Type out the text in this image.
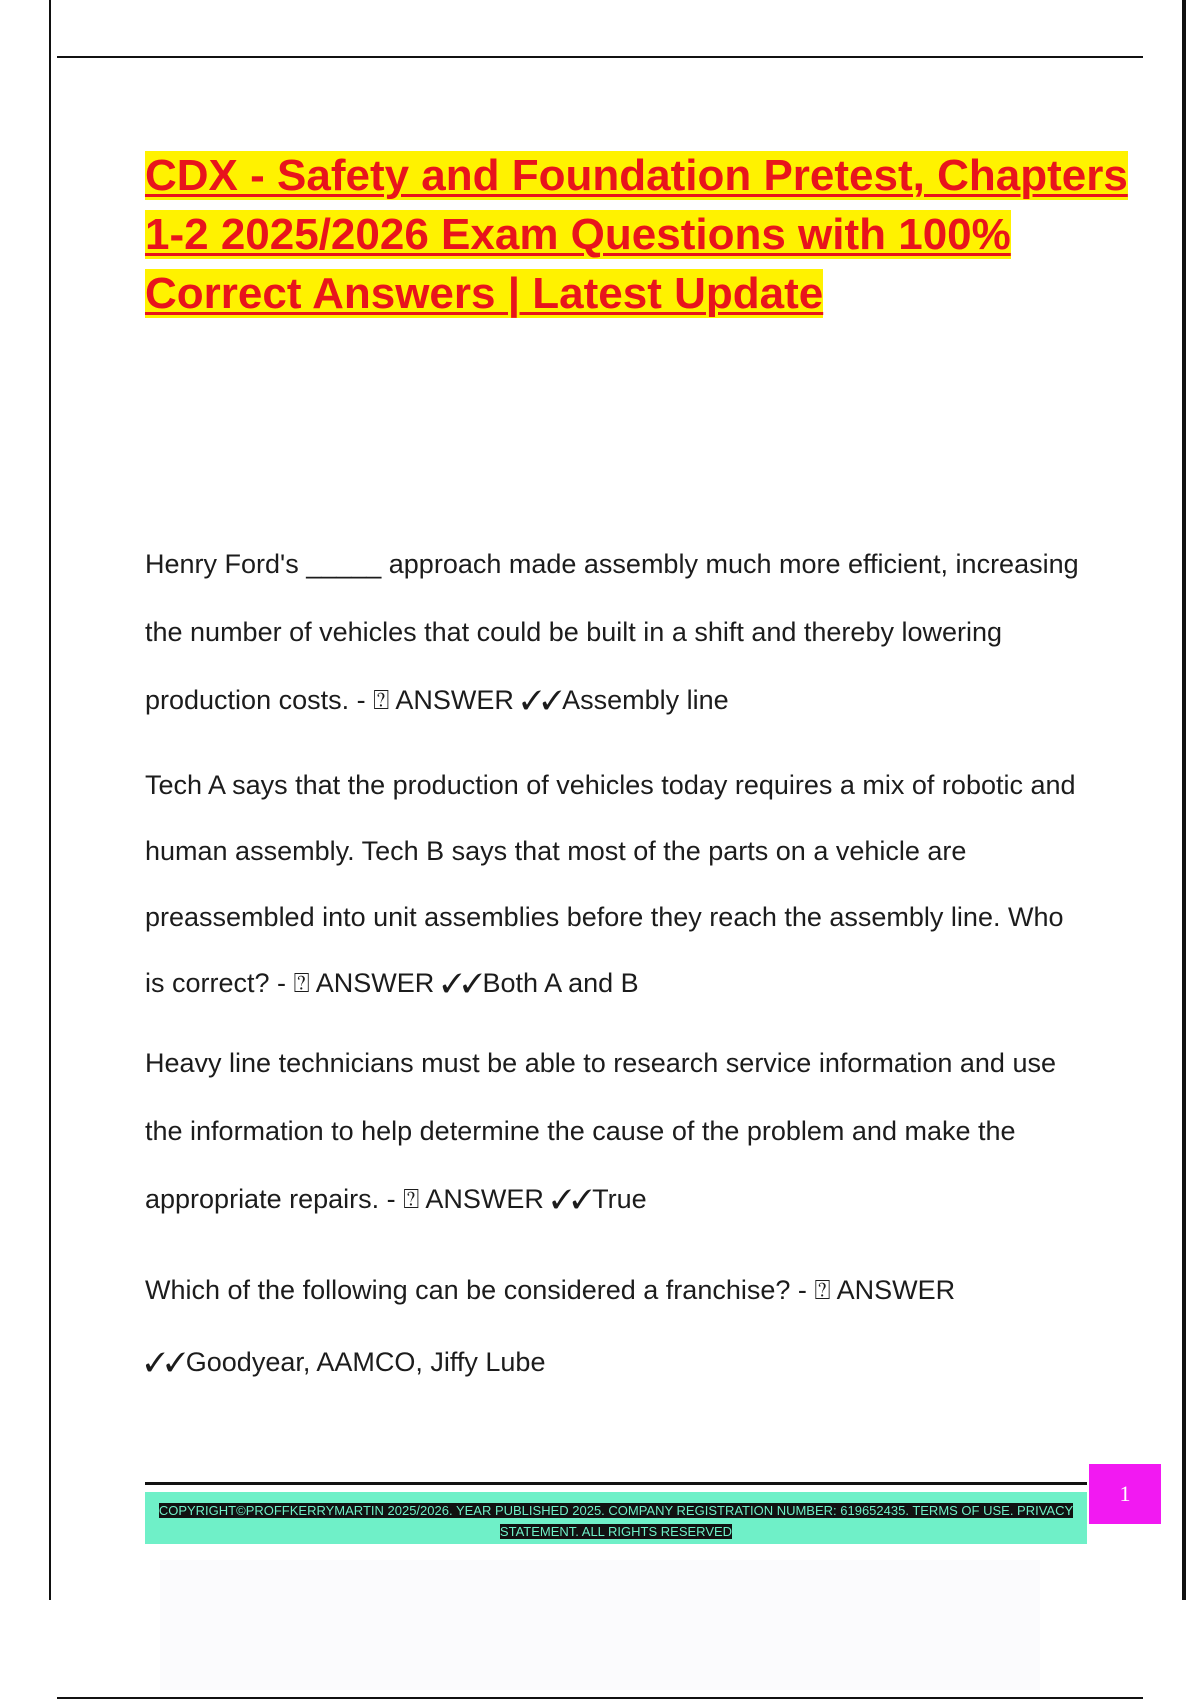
CDX - Safety and Foundation Pretest, Chapters 1-2 2025/2026 Exam Questions with 100% Correct Answers | Latest Update

Henry Ford's _____ approach made assembly much more efficient, increasing the number of vehicles that could be built in a shift and thereby lowering production costs. - ⍰ ANSWER ✓✓Assembly line

Tech A says that the production of vehicles today requires a mix of robotic and human assembly. Tech B says that most of the parts on a vehicle are preassembled into unit assemblies before they reach the assembly line. Who is correct? - ⍰ ANSWER ✓✓Both A and B

Heavy line technicians must be able to research service information and use the information to help determine the cause of the problem and make the appropriate repairs. - ⍰ ANSWER ✓✓True

Which of the following can be considered a franchise? - ⍰ ANSWER ✓✓Goodyear, AAMCO, Jiffy Lube

COPYRIGHT©PROFFKERRYMARTIN 2025/2026. YEAR PUBLISHED 2025. COMPANY REGISTRATION NUMBER: 619652435. TERMS OF USE. PRIVACY STATEMENT. ALL RIGHTS RESERVED
1
